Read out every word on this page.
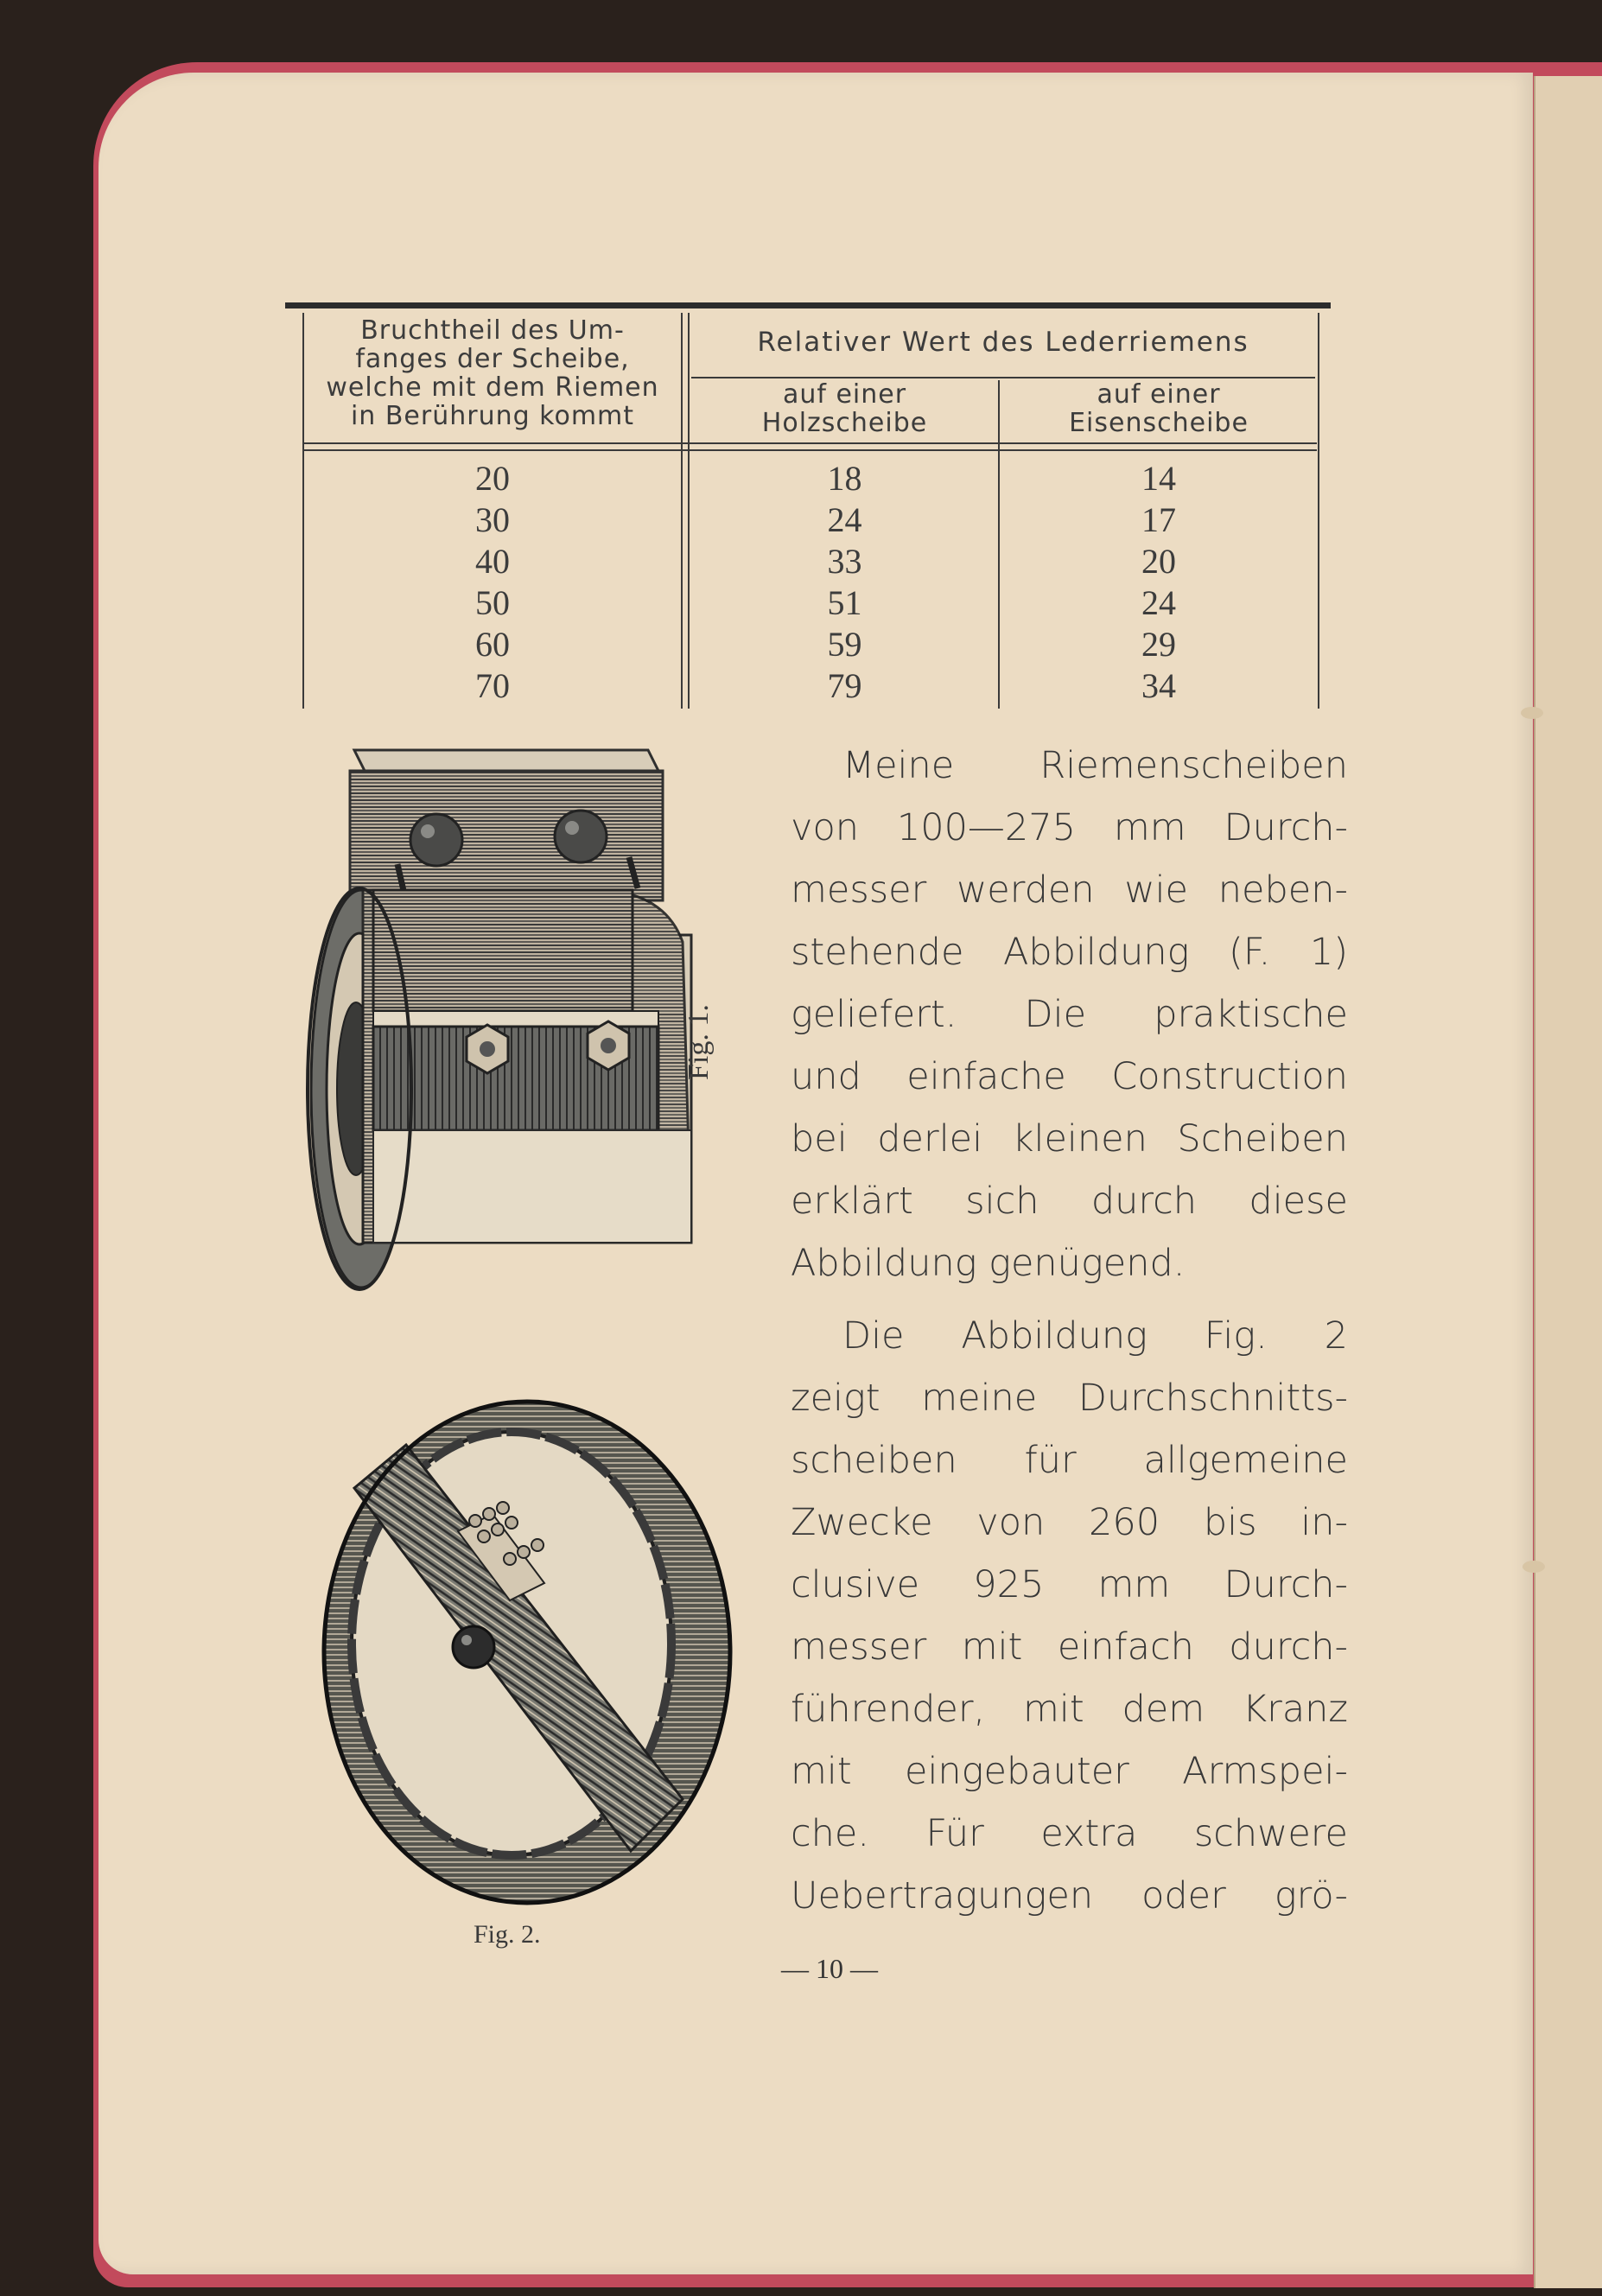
Bruchtheil des Um-
fanges der Scheibe,
welche mit dem Riemen
in Berührung kommt
Relativer Wert des Lederriemens
auf einer
Holzscheibe
auf einer
Eisenscheibe
20
30
40
50
60
70
18
24
33
51
59
79
14
17
20
24
29
34
Fig. 1.
Fig. 2.
Meine Riemenscheiben
von 100—275 mm Durch-
messer werden wie neben-
stehende Abbildung (F. 1)
geliefert. Die praktische
und einfache Construction
bei derlei kleinen Scheiben
erklärt sich durch diese
Abbildung genügend.
Die Abbildung Fig. 2
zeigt meine Durchschnitts-
scheiben für allgemeine
Zwecke von 260 bis in-
clusive 925 mm Durch-
messer mit einfach durch-
führender, mit dem Kranz
mit eingebauter Armspei-
che. Für extra schwere
Uebertragungen oder grö-
— 10 —
